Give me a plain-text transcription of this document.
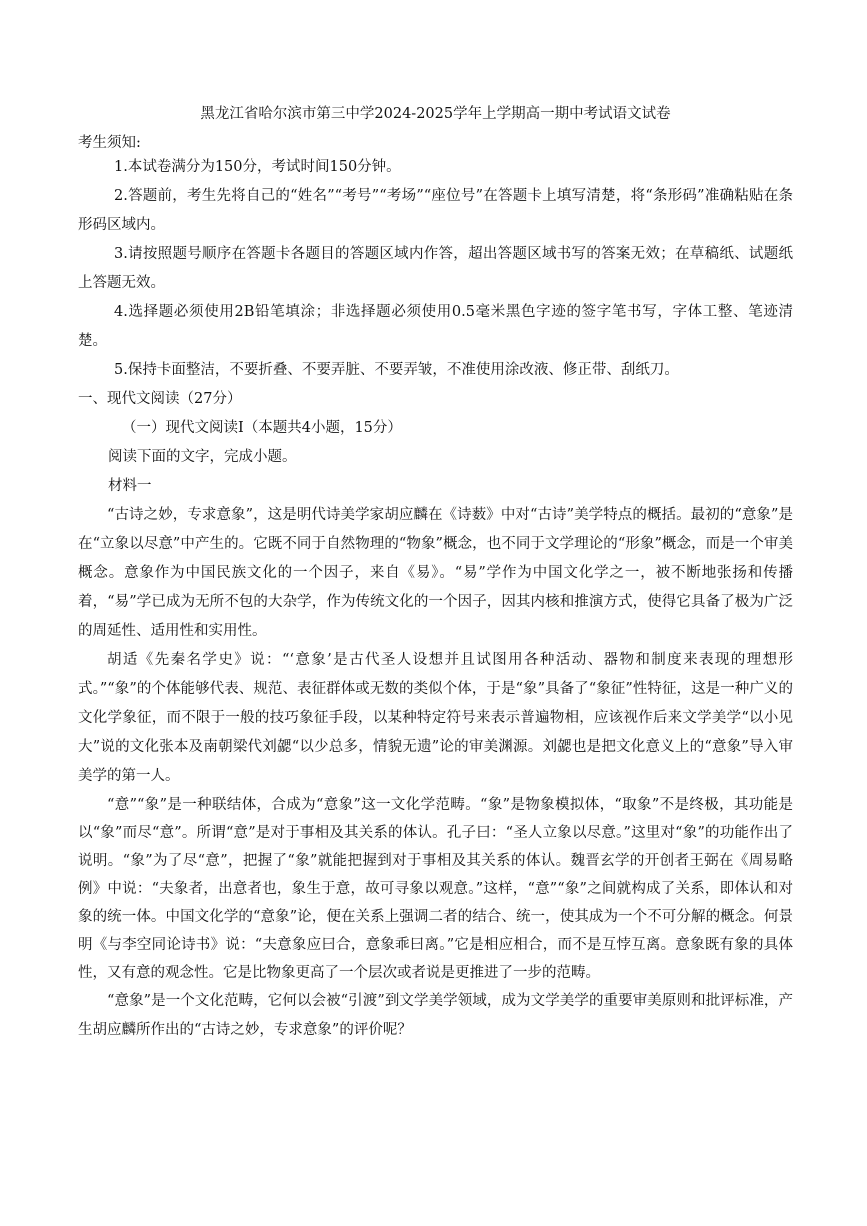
黑龙江省哈尔滨市第三中学2024-2025学年上学期高一期中考试语文试卷
考生须知:
1.本试卷满分为150分，考试时间150分钟。
2.答题前，考生先将自己的“姓名”“考号”“考场”“座位号”在答题卡上填写清楚，将“条形码”准确粘贴在条形码区域内。
3.请按照题号顺序在答题卡各题目的答题区域内作答，超出答题区域书写的答案无效；在草稿纸、试题纸上答题无效。
4.选择题必须使用2B铅笔填涂；非选择题必须使用0.5毫米黑色字迹的签字笔书写，字体工整、笔迹清楚。
5.保持卡面整洁，不要折叠、不要弄脏、不要弄皱，不准使用涂改液、修正带、刮纸刀。
一、现代文阅读（27分）
（一）现代文阅读Ⅰ（本题共4小题，15分）
阅读下面的文字，完成小题。
材料一
“古诗之妙，专求意象”，这是明代诗美学家胡应麟在《诗薮》中对“古诗”美学特点的概括。最初的“意象”是在“立象以尽意”中产生的。它既不同于自然物理的“物象”概念，也不同于文学理论的“形象”概念，而是一个审美概念。意象作为中国民族文化的一个因子，来自《易》。“易”学作为中国文化学之一，被不断地张扬和传播着，“易”学已成为无所不包的大杂学，作为传统文化的一个因子，因其内核和推演方式，使得它具备了极为广泛的周延性、适用性和实用性。
胡适《先秦名学史》说：“‘意象’是古代圣人设想并且试图用各种活动、器物和制度来表现的理想形式。”“象”的个体能够代表、规范、表征群体或无数的类似个体，于是“象”具备了“象征”性特征，这是一种广义的文化学象征，而不限于一般的技巧象征手段，以某种特定符号来表示普遍物相，应该视作后来文学美学“以小见大”说的文化张本及南朝梁代刘勰“以少总多，情貌无遗”论的审美渊源。刘勰也是把文化意义上的“意象”导入审美学的第一人。
“意”“象”是一种联结体，合成为“意象”这一文化学范畴。“象”是物象模拟体，“取象”不是终极，其功能是以“象”而尽“意”。所谓“意”是对于事相及其关系的体认。孔子曰：“圣人立象以尽意。”这里对“象”的功能作出了说明。“象”为了尽“意”，把握了“象”就能把握到对于事相及其关系的体认。魏晋玄学的开创者王弼在《周易略例》中说：“夫象者，出意者也，象生于意，故可寻象以观意。”这样，“意”“象”之间就构成了关系，即体认和对象的统一体。中国文化学的“意象”论，便在关系上强调二者的结合、统一，使其成为一个不可分解的概念。何景明《与李空同论诗书》说：“夫意象应曰合，意象乖曰离。”它是相应相合，而不是互悖互离。意象既有象的具体性，又有意的观念性。它是比物象更高了一个层次或者说是更推进了一步的范畴。
“意象”是一个文化范畴，它何以会被“引渡”到文学美学领域，成为文学美学的重要审美原则和批评标准，产生胡应麟所作出的“古诗之妙，专求意象”的评价呢？
